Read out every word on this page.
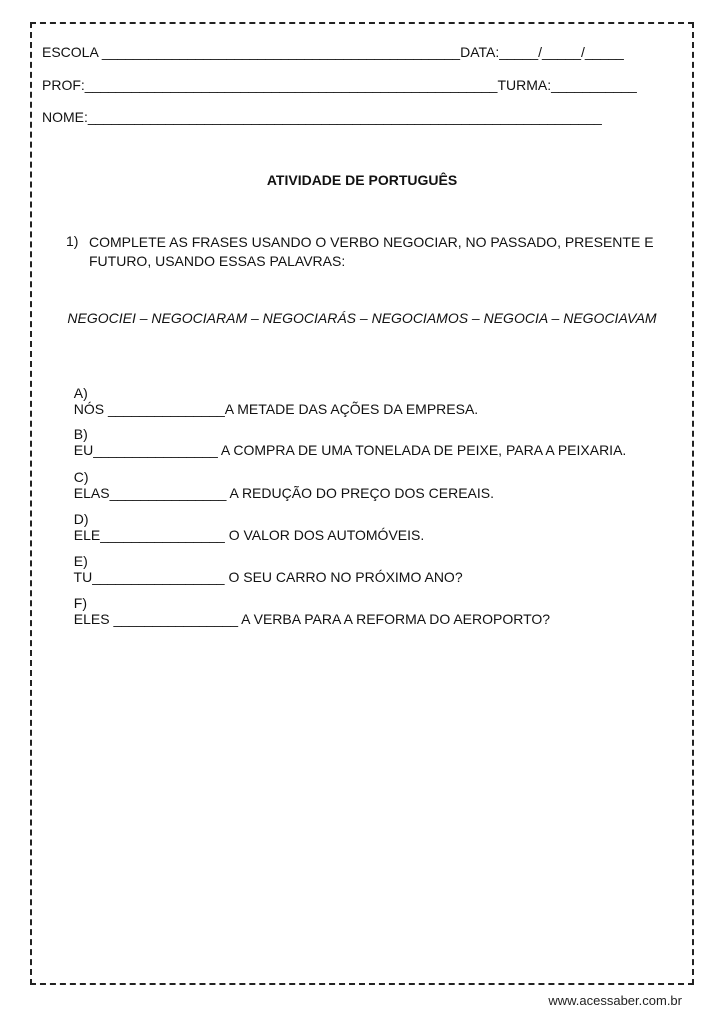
ESCOLA ______________________________________________DATA:_____/_____/_____
PROF:_____________________________________________________TURMA:___________
NOME:__________________________________________________________________
ATIVIDADE DE PORTUGUÊS
1) COMPLETE AS FRASES USANDO O VERBO NEGOCIAR, NO PASSADO, PRESENTE E FUTURO, USANDO ESSAS PALAVRAS:
NEGOCIEI – NEGOCIARAM – NEGOCIARÁS – NEGOCIAMOS – NEGOCIA – NEGOCIAVAM

A)
NÓS _______________A METADE DAS AÇÕES DA EMPRESA.

B)
EU________________ A COMPRA DE UMA TONELADA DE PEIXE, PARA A PEIXARIA.

C)
ELAS_______________ A REDUÇÃO DO PREÇO DOS CEREAIS.

D)
ELE________________ O VALOR DOS AUTOMÓVEIS.

E)
TU_________________ O SEU CARRO NO PRÓXIMO ANO?

F)
ELES ________________ A VERBA PARA A REFORMA DO AEROPORTO?

www.acessaber.com.br
